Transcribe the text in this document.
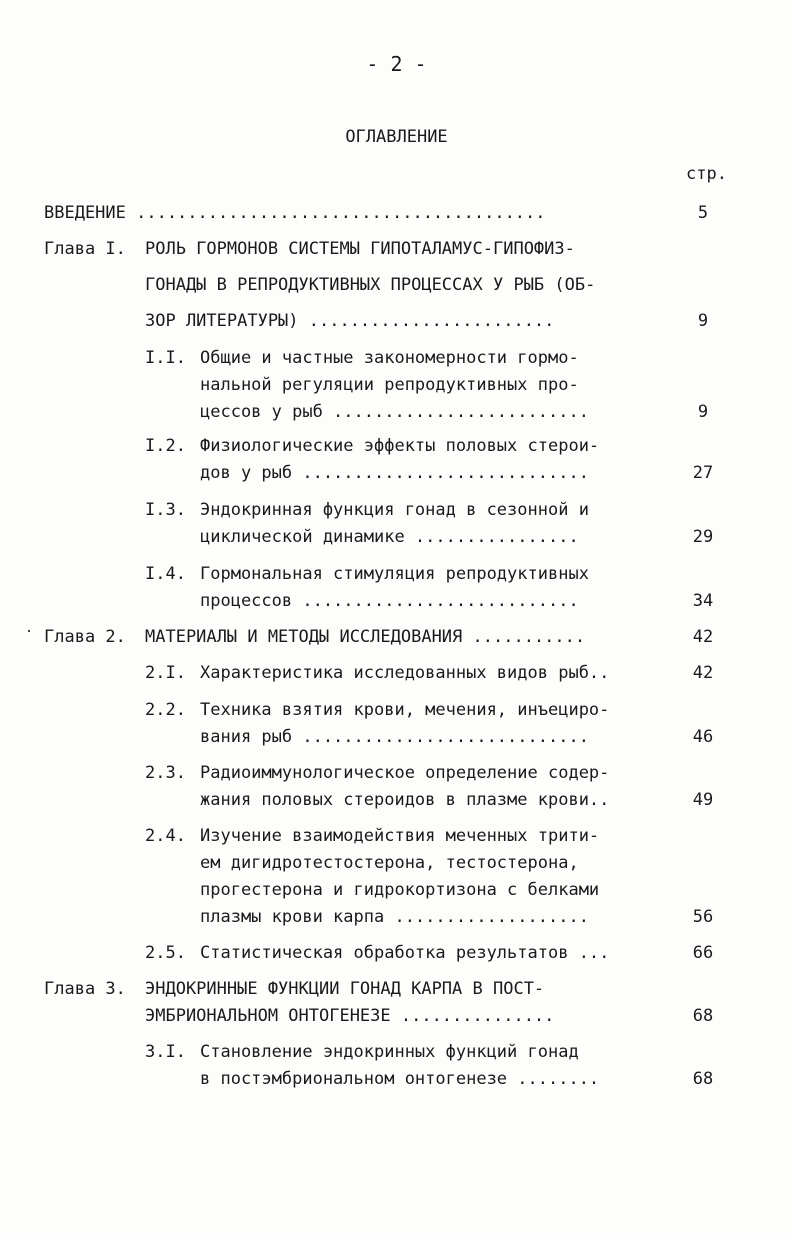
- 2 -
ОГЛАВЛЕНИЕ
стр.
ВВЕДЕНИЕ ........................................	5
Глава I. РОЛЬ ГОРМОНОВ СИСТЕМЫ ГИПОТАЛАМУС-ГИПОФИЗ-
ГОНАДЫ В РЕПРОДУКТИВНЫХ ПРОЦЕССАХ У РЫБ (ОБ-
ЗОР ЛИТЕРАТУРЫ) ........................	9
I.I. Общие и частные закономерности гормо-
нальной регуляции репродуктивных про-
цессов у рыб .........................	9
I.2. Физиологические эффекты половых стерои-
дов у рыб ............................	27
I.3. Эндокринная функция гонад в сезонной и
циклической динамике ................	29
I.4. Гормональная стимуляция репродуктивных
процессов ...........................	34
Глава 2. МАТЕРИАЛЫ И МЕТОДЫ ИССЛЕДОВАНИЯ ...........	42
2.I. Характеристика исследованных видов рыб..	42
2.2. Техника взятия крови, мечения, инъециро-
вания рыб ............................	46
2.3. Радиоиммунологическое определение содер-
жания половых стероидов в плазме крови..	49
2.4. Изучение взаимодействия меченных трити-
ем дигидротестостерона, тестостерона,
прогестерона и гидрокортизона с белками
плазмы крови карпа ...................	56
2.5. Статистическая обработка результатов ...	66
Глава 3. ЭНДОКРИННЫЕ ФУНКЦИИ ГОНАД КАРПА В ПОСТ-
ЭМБРИОНАЛЬНОМ ОНТОГЕНЕЗЕ ...............	68
3.I. Становление эндокринных функций гонад
в постэмбриональном онтогенезе ........	68
